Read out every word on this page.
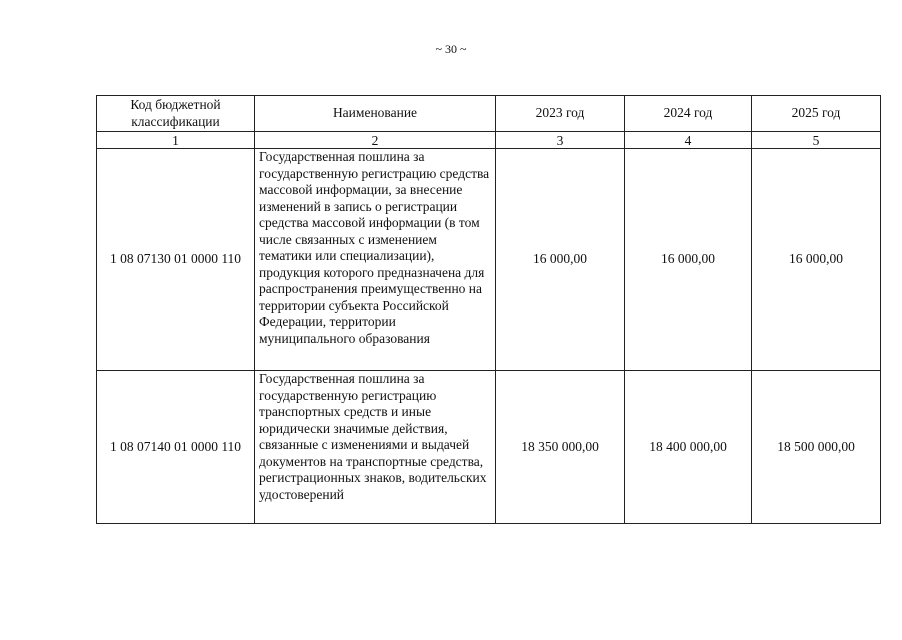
~ 30 ~
Код бюджетной классификации	Наименование	2023 год	2024 год	2025 год
1	2	3	4	5
1 08 07130 01 0000 110	Государственная пошлина за государственную регистрацию средства массовой информации, за внесение изменений в запись о регистрации средства массовой информации (в том числе связанных с изменением тематики или специализации), продукция которого предназначена для распространения преимущественно на территории субъекта Российской Федерации, территории муниципального образования	16 000,00	16 000,00	16 000,00
1 08 07140 01 0000 110	Государственная пошлина за государственную регистрацию транспортных средств и иные юридически значимые действия, связанные с изменениями и выдачей документов на транспортные средства, регистрационных знаков, водительских удостоверений	18 350 000,00	18 400 000,00	18 500 000,00
